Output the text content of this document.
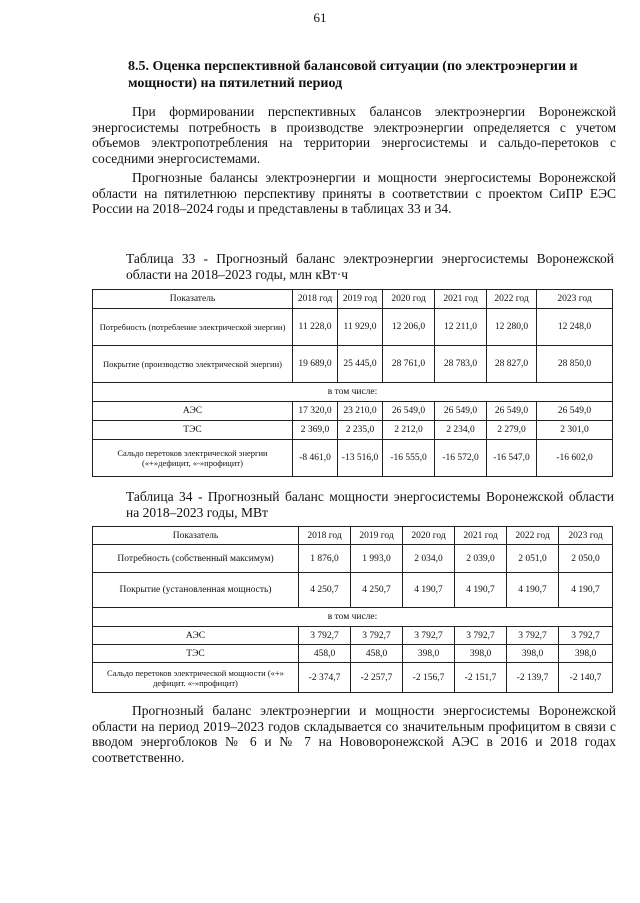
61
8.5. Оценка перспективной балансовой ситуации (по электроэнергии и мощности) на пятилетний период
При формировании перспективных балансов электроэнергии Воронежской энергосистемы потребность в производстве электроэнергии определяется с учетом объемов электропотребления на территории энергосистемы и сальдо-перетоков с соседними энергосистемами.
Прогнозные балансы электроэнергии и мощности энергосистемы Воронежской области на пятилетнюю перспективу приняты в соответствии с проектом СиПР ЕЭС России на 2018–2024 годы и представлены в таблицах 33 и 34.
Таблица 33 - Прогнозный баланс электроэнергии энергосистемы Воронежской области на 2018–2023 годы, млн кВт·ч
Показатель	2018 год	2019 год	2020 год	2021 год	2022 год	2023 год
Потребность (потребление электрической энергии)	11 228,0	11 929,0	12 206,0	12 211,0	12 280,0	12 248,0
Покрытие (производство электрической энергии)	19 689,0	25 445,0	28 761,0	28 783,0	28 827,0	28 850,0
в том числе:						
АЭС	17 320,0	23 210,0	26 549,0	26 549,0	26 549,0	26 549,0
ТЭС	2 369,0	2 235,0	2 212,0	2 234,0	2 279,0	2 301,0
Сальдо перетоков электрической энергии («+»дефицит, «-»профицит)	-8 461,0	-13 516,0	-16 555,0	-16 572,0	-16 547,0	-16 602,0
Таблица 34 - Прогнозный баланс мощности энергосистемы Воронежской области на 2018–2023 годы, МВт
Показатель	2018 год	2019 год	2020 год	2021 год	2022 год	2023 год
Потребность (собственный максимум)	1 876,0	1 993,0	2 034,0	2 039,0	2 051,0	2 050,0
Покрытие (установленная мощность)	4 250,7	4 250,7	4 190,7	4 190,7	4 190,7	4 190,7
в том числе:						
АЭС	3 792,7	3 792,7	3 792,7	3 792,7	3 792,7	3 792,7
ТЭС	458,0	458,0	398,0	398,0	398,0	398,0
Сальдо перетоков электрической мощности («+» дефицит. «-»профицит)	-2 374,7	-2 257,7	-2 156,7	-2 151,7	-2 139,7	-2 140,7
Прогнозный баланс электроэнергии и мощности энергосистемы Воронежской области на период 2019–2023 годов складывается со значительным профицитом в связи с вводом энергоблоков № 6 и № 7 на Нововоронежской АЭС в 2016 и 2018 годах соответственно.
